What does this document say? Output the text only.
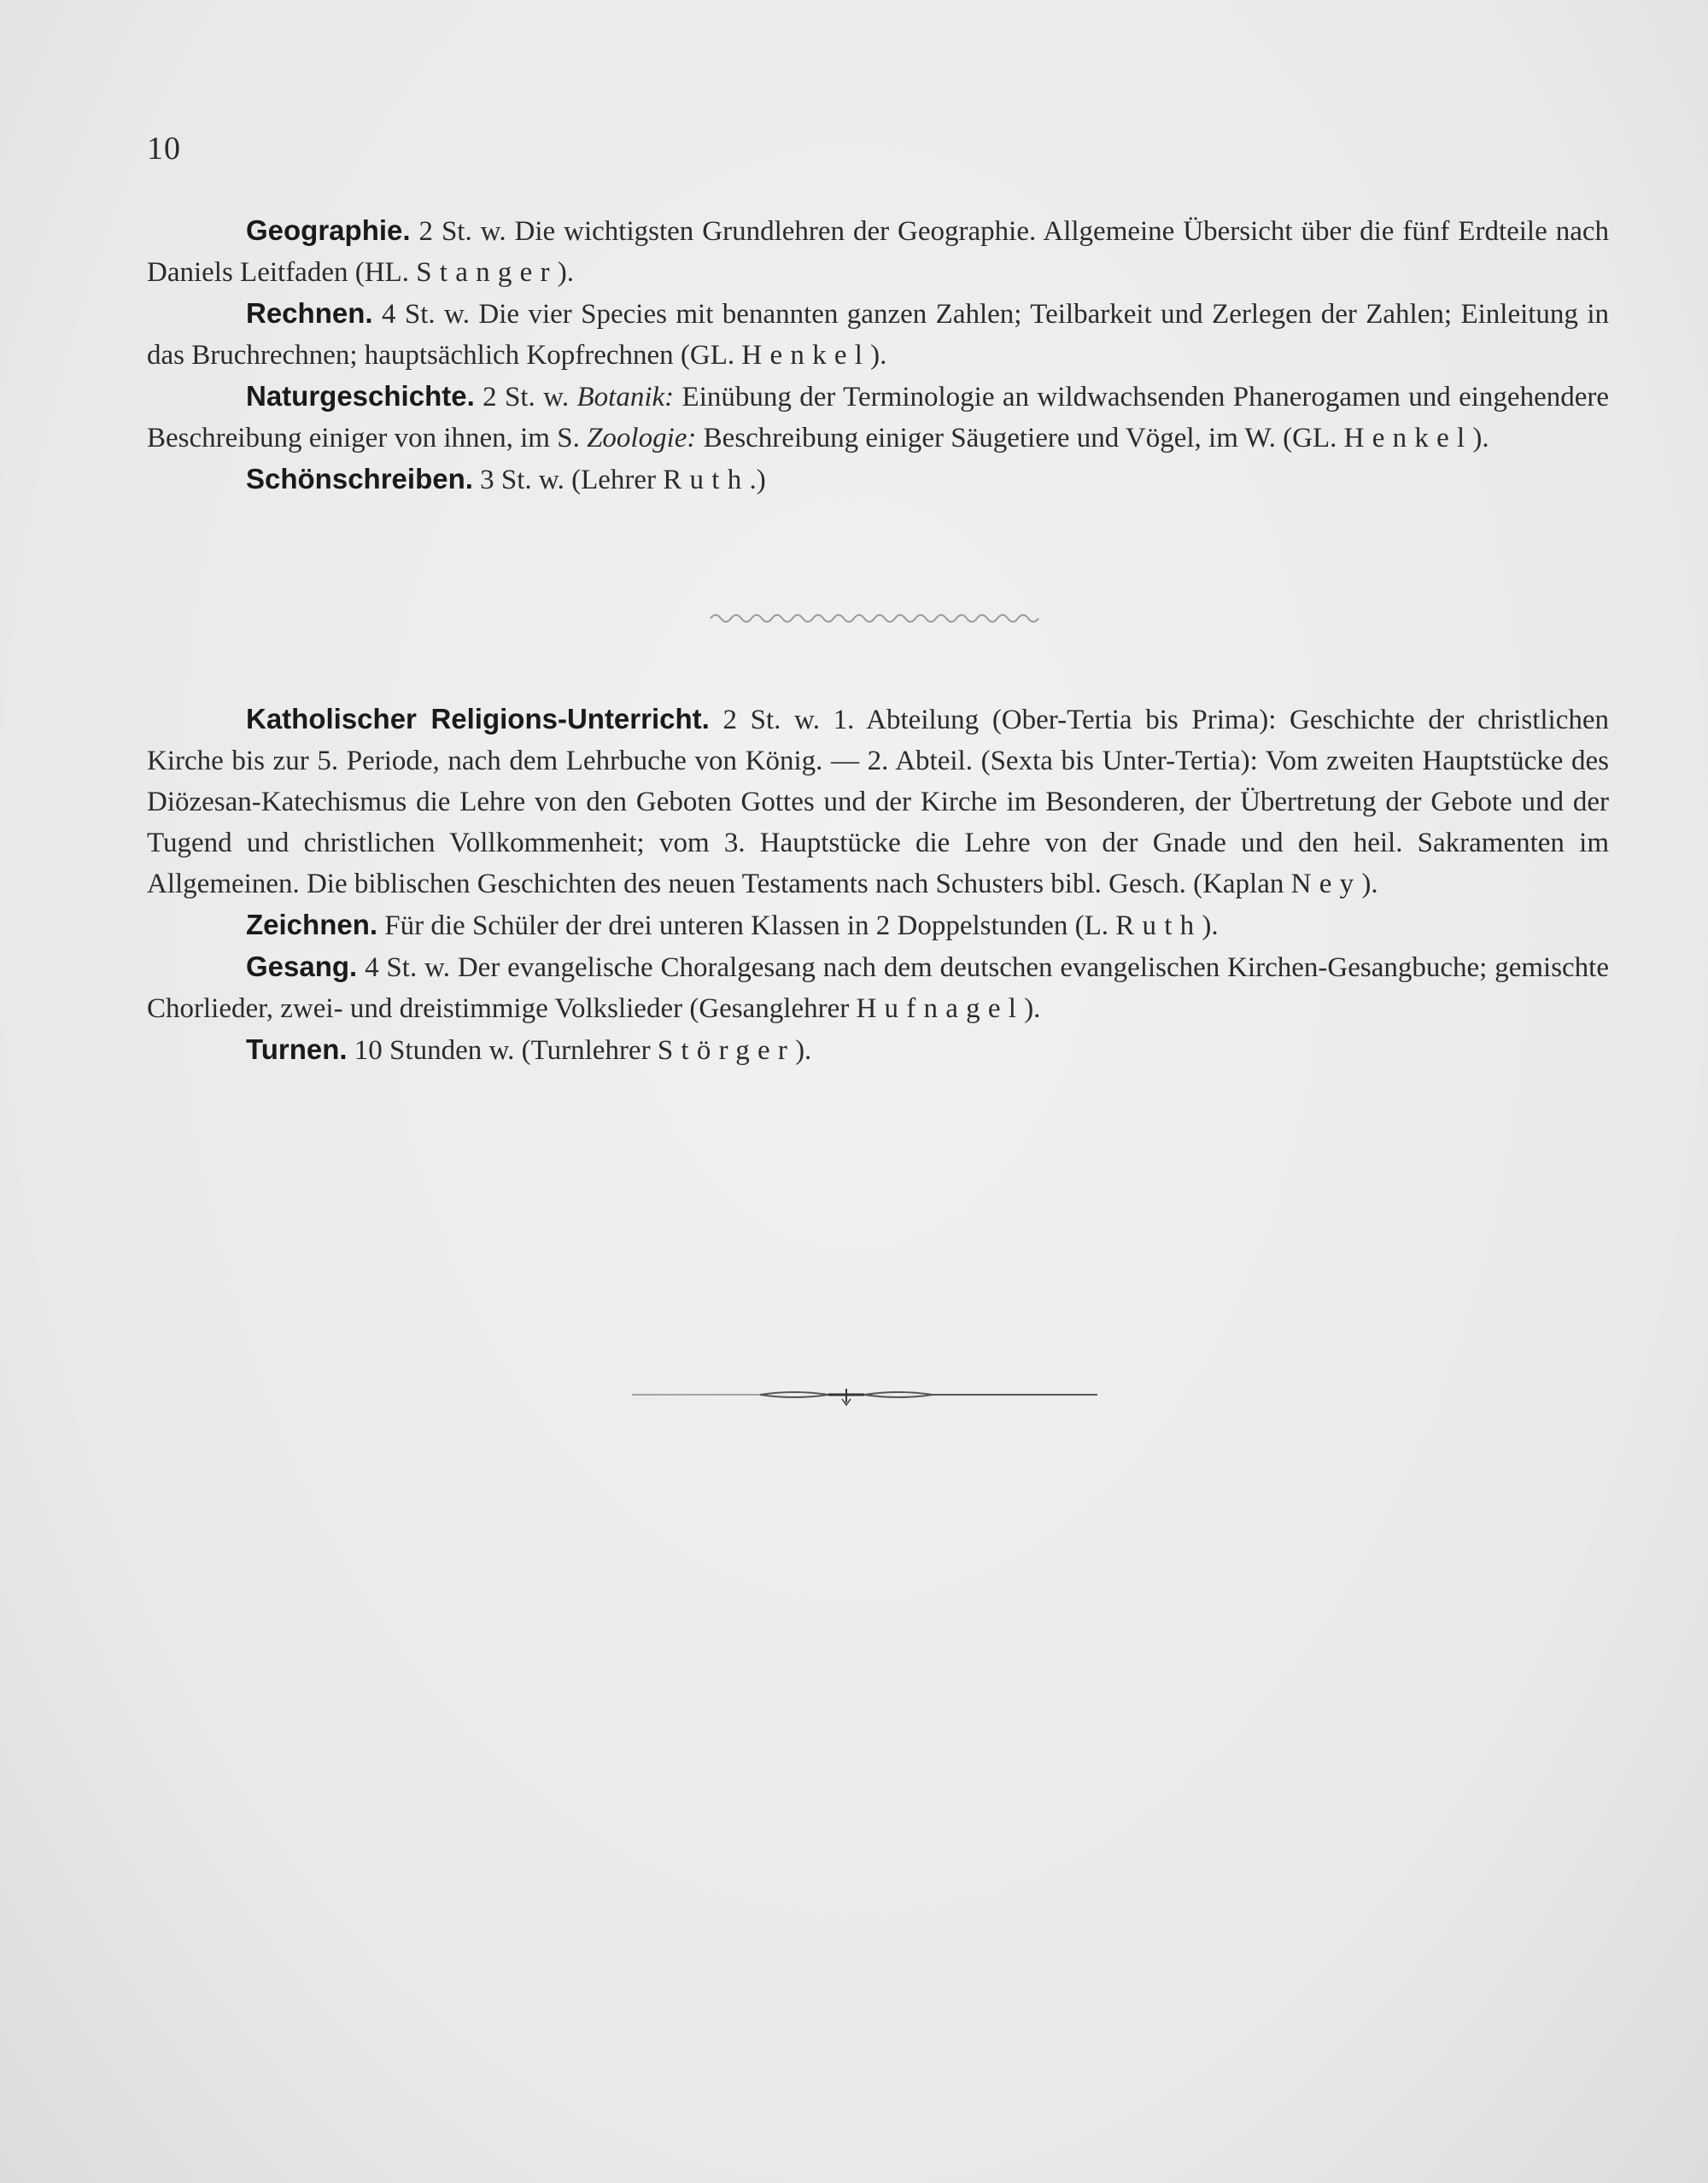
10

Geographie. 2 St. w. Die wichtigsten Grundlehren der Geographie. Allgemeine Übersicht über die fünf Erdteile nach Daniels Leitfaden (HL. Stanger).

Rechnen. 4 St. w. Die vier Species mit benannten ganzen Zahlen; Teilbarkeit und Zerlegen der Zahlen; Einleitung in das Bruchrechnen; hauptsächlich Kopfrechnen (GL. Henkel).

Naturgeschichte. 2 St. w. Botanik: Einübung der Terminologie an wildwachsenden Phanerogamen und eingehendere Beschreibung einiger von ihnen, im S. Zoologie: Beschreibung einiger Säugetiere und Vögel, im W. (GL. Henkel).

Schönschreiben. 3 St. w. (Lehrer Ruth.)

Katholischer Religions-Unterricht. 2 St. w. 1. Abteilung (Ober-Tertia bis Prima): Geschichte der christlichen Kirche bis zur 5. Periode, nach dem Lehrbuche von König. — 2. Abteil. (Sexta bis Unter-Tertia): Vom zweiten Hauptstücke des Diözesan-Katechismus die Lehre von den Geboten Gottes und der Kirche im Besonderen, der Übertretung der Gebote und der Tugend und christlichen Vollkommenheit; vom 3. Hauptstücke die Lehre von der Gnade und den heil. Sakramenten im Allgemeinen. Die biblischen Geschichten des neuen Testaments nach Schusters bibl. Gesch. (Kaplan Ney).

Zeichnen. Für die Schüler der drei unteren Klassen in 2 Doppelstunden (L. Ruth).

Gesang. 4 St. w. Der evangelische Choralgesang nach dem deutschen evangelischen Kirchen-Gesangbuche; gemischte Chorlieder, zwei- und dreistimmige Volkslieder (Gesanglehrer Hufnagel).

Turnen. 10 Stunden w. (Turnlehrer Störger).
